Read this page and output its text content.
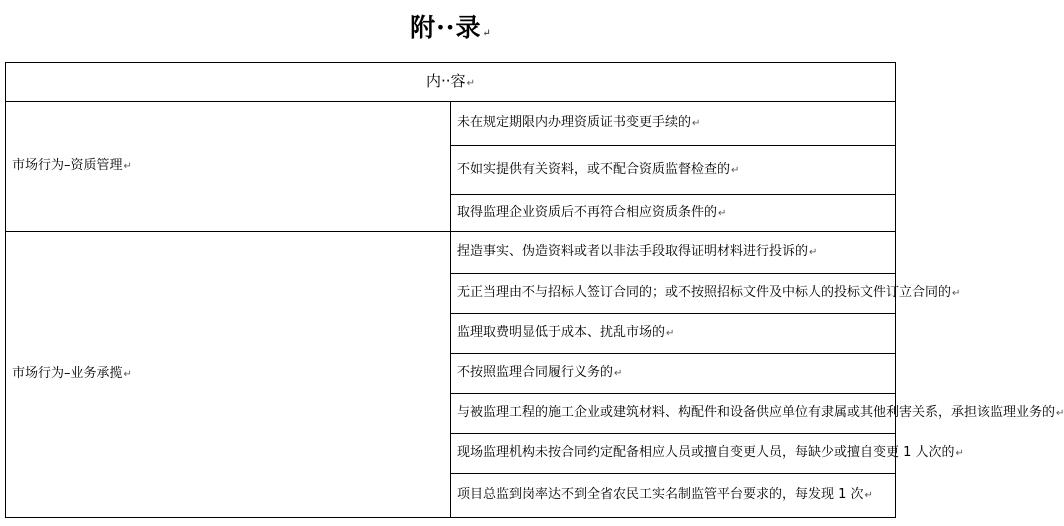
附··录↵
内··容↵	
市场行为–资质管理↵	未在规定期限内办理资质证书变更手续的↵
	不如实提供有关资料，或不配合资质监督检查的↵
	取得监理企业资质后不再符合相应资质条件的↵
市场行为–业务承揽↵	捏造事实、伪造资料或者以非法手段取得证明材料进行投诉的↵
	无正当理由不与招标人签订合同的；或不按照招标文件及中标人的投标文件订立合同的↵
	监理取费明显低于成本、扰乱市场的↵
	不按照监理合同履行义务的↵
	与被监理工程的施工企业或建筑材料、构配件和设备供应单位有隶属或其他利害关系，承担该监理业务的↵
	现场监理机构未按合同约定配备相应人员或擅自变更人员，每缺少或擅自变更 1 人次的↵
	项目总监到岗率达不到全省农民工实名制监管平台要求的，每发现 1 次↵
